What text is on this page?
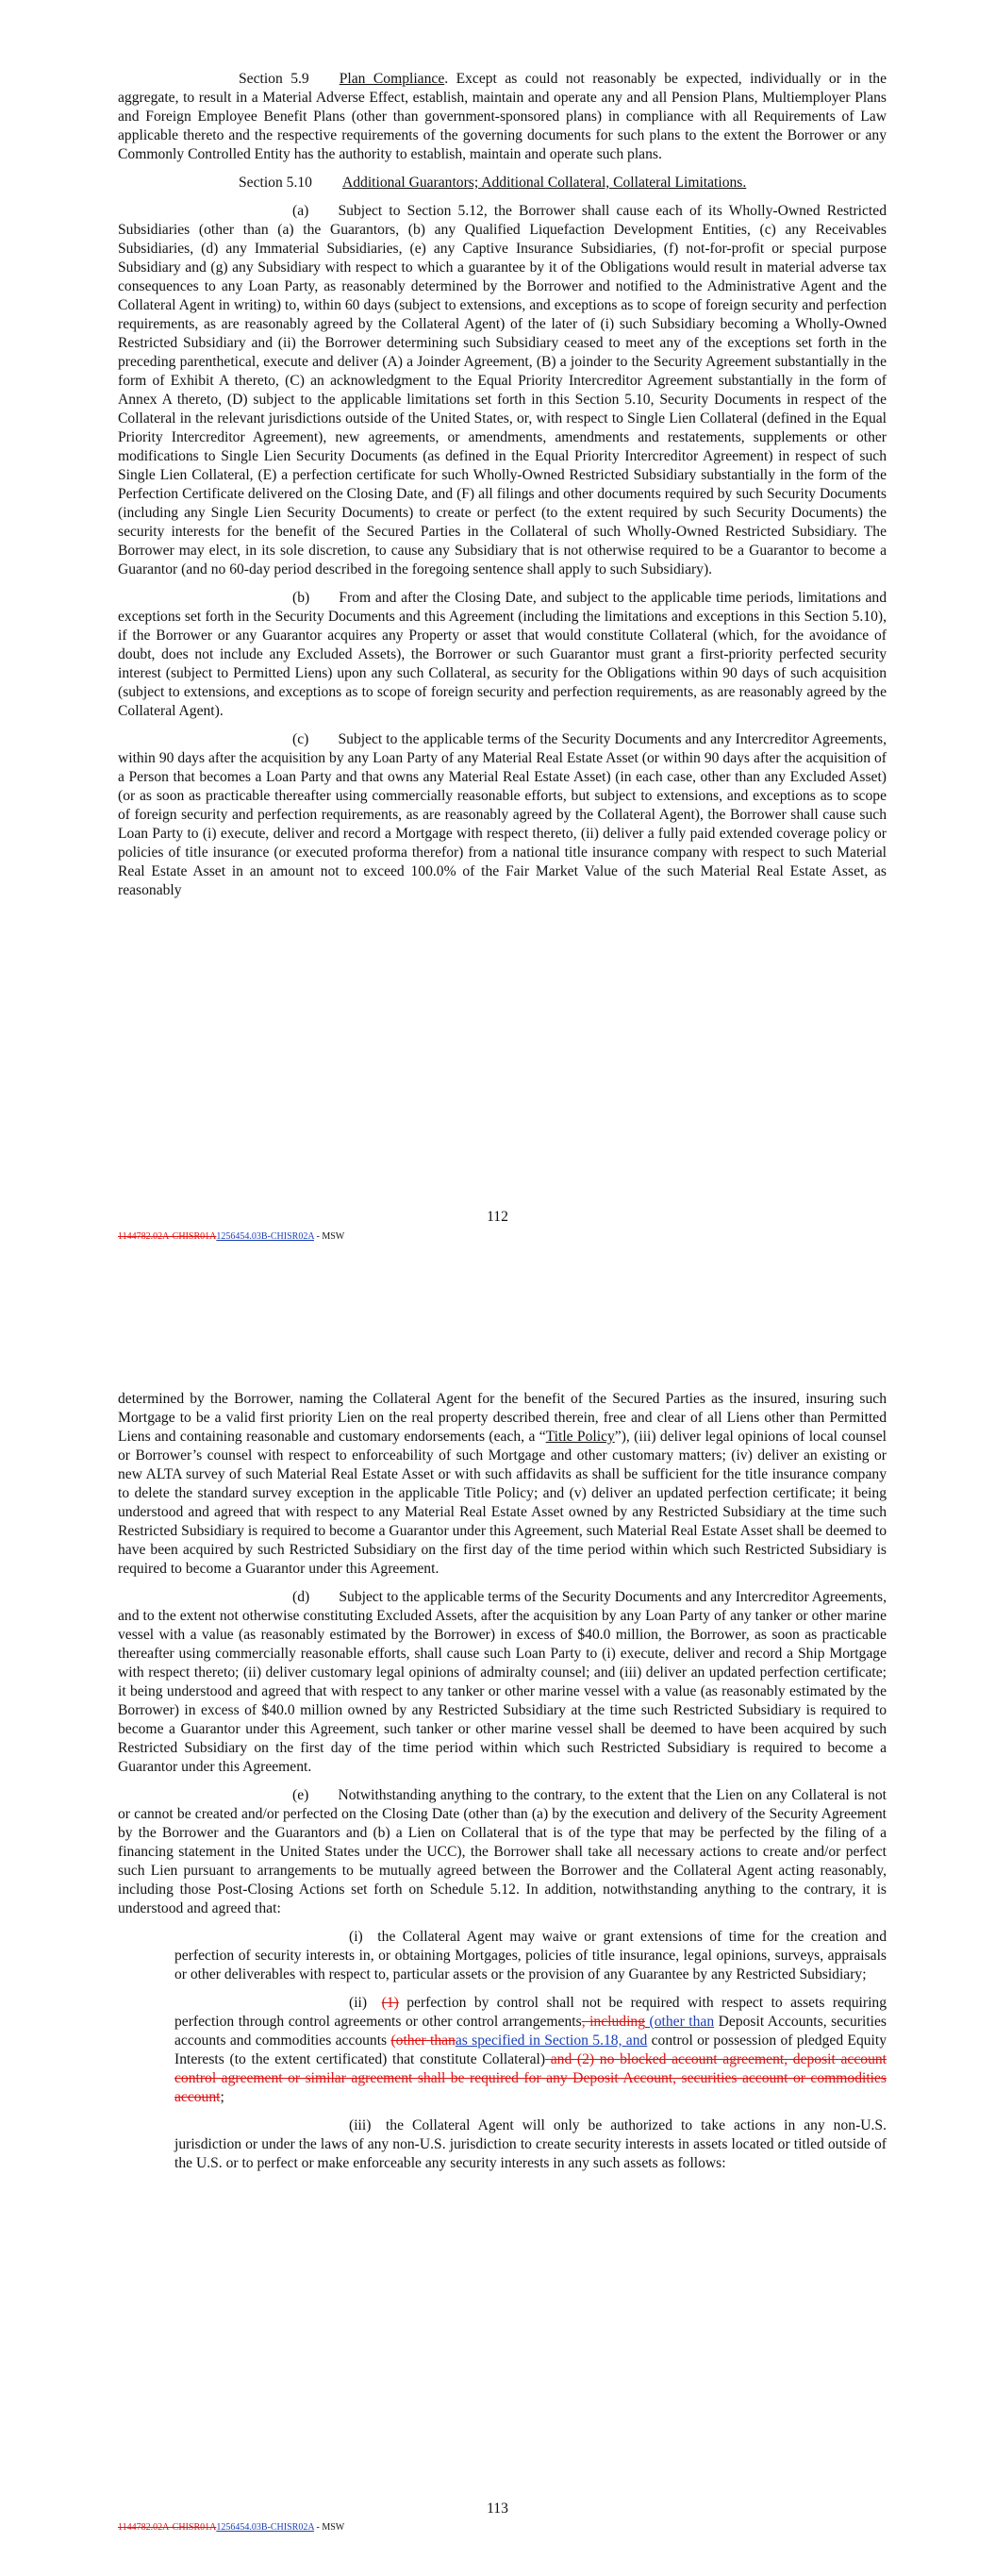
Section 5.9 Plan Compliance. Except as could not reasonably be expected, individually or in the aggregate, to result in a Material Adverse Effect, establish, maintain and operate any and all Pension Plans, Multiemployer Plans and Foreign Employee Benefit Plans (other than government-sponsored plans) in compliance with all Requirements of Law applicable thereto and the respective requirements of the governing documents for such plans to the extent the Borrower or any Commonly Controlled Entity has the authority to establish, maintain and operate such plans.

Section 5.10 Additional Guarantors; Additional Collateral, Collateral Limitations.

(a)  Subject to Section 5.12, the Borrower shall cause each of its Wholly-Owned Restricted Subsidiaries (other than (a) the Guarantors, (b) any Qualified Liquefaction Development Entities, (c) any Receivables Subsidiaries, (d) any Immaterial Subsidiaries, (e) any Captive Insurance Subsidiaries, (f) not-for-profit or special purpose Subsidiary and (g) any Subsidiary with respect to which a guarantee by it of the Obligations would result in material adverse tax consequences to any Loan Party, as reasonably determined by the Borrower and notified to the Administrative Agent and the Collateral Agent in writing) to, within 60 days (subject to extensions, and exceptions as to scope of foreign security and perfection requirements, as are reasonably agreed by the Collateral Agent) of the later of (i) such Subsidiary becoming a Wholly-Owned Restricted Subsidiary and (ii) the Borrower determining such Subsidiary ceased to meet any of the exceptions set forth in the preceding parenthetical, execute and deliver (A) a Joinder Agreement, (B) a joinder to the Security Agreement substantially in the form of Exhibit A thereto, (C) an acknowledgment to the Equal Priority Intercreditor Agreement substantially in the form of Annex A thereto, (D) subject to the applicable limitations set forth in this Section 5.10, Security Documents in respect of the Collateral in the relevant jurisdictions outside of the United States, or, with respect to Single Lien Collateral (defined in the Equal Priority Intercreditor Agreement), new agreements, or amendments, amendments and restatements, supplements or other modifications to Single Lien Security Documents (as defined in the Equal Priority Intercreditor Agreement) in respect of such Single Lien Collateral, (E) a perfection certificate for such Wholly-Owned Restricted Subsidiary substantially in the form of the Perfection Certificate delivered on the Closing Date, and (F) all filings and other documents required by such Security Documents (including any Single Lien Security Documents) to create or perfect (to the extent required by such Security Documents) the security interests for the benefit of the Secured Parties in the Collateral of such Wholly-Owned Restricted Subsidiary. The Borrower may elect, in its sole discretion, to cause any Subsidiary that is not otherwise required to be a Guarantor to become a Guarantor (and no 60-day period described in the foregoing sentence shall apply to such Subsidiary).

(b)  From and after the Closing Date, and subject to the applicable time periods, limitations and exceptions set forth in the Security Documents and this Agreement (including the limitations and exceptions in this Section 5.10), if the Borrower or any Guarantor acquires any Property or asset that would constitute Collateral (which, for the avoidance of doubt, does not include any Excluded Assets), the Borrower or such Guarantor must grant a first-priority perfected security interest (subject to Permitted Liens) upon any such Collateral, as security for the Obligations within 90 days of such acquisition (subject to extensions, and exceptions as to scope of foreign security and perfection requirements, as are reasonably agreed by the Collateral Agent).

(c)  Subject to the applicable terms of the Security Documents and any Intercreditor Agreements, within 90 days after the acquisition by any Loan Party of any Material Real Estate Asset (or within 90 days after the acquisition of a Person that becomes a Loan Party and that owns any Material Real Estate Asset) (in each case, other than any Excluded Asset) (or as soon as practicable thereafter using commercially reasonable efforts, but subject to extensions, and exceptions as to scope of foreign security and perfection requirements, as are reasonably agreed by the Collateral Agent), the Borrower shall cause such Loan Party to (i) execute, deliver and record a Mortgage with respect thereto, (ii) deliver a fully paid extended coverage policy or policies of title insurance (or executed proforma therefor) from a national title insurance company with respect to such Material Real Estate Asset in an amount not to exceed 100.0% of the Fair Market Value of the such Material Real Estate Asset, as reasonably

112
1144782.02A-CHISR01A1256454.03B-CHISR02A - MSW

determined by the Borrower, naming the Collateral Agent for the benefit of the Secured Parties as the insured, insuring such Mortgage to be a valid first priority Lien on the real property described therein, free and clear of all Liens other than Permitted Liens and containing reasonable and customary endorsements (each, a “Title Policy”), (iii) deliver legal opinions of local counsel or Borrower’s counsel with respect to enforceability of such Mortgage and other customary matters; (iv) deliver an existing or new ALTA survey of such Material Real Estate Asset or with such affidavits as shall be sufficient for the title insurance company to delete the standard survey exception in the applicable Title Policy; and (v) deliver an updated perfection certificate; it being understood and agreed that with respect to any Material Real Estate Asset owned by any Restricted Subsidiary at the time such Restricted Subsidiary is required to become a Guarantor under this Agreement, such Material Real Estate Asset shall be deemed to have been acquired by such Restricted Subsidiary on the first day of the time period within which such Restricted Subsidiary is required to become a Guarantor under this Agreement.

(d)  Subject to the applicable terms of the Security Documents and any Intercreditor Agreements, and to the extent not otherwise constituting Excluded Assets, after the acquisition by any Loan Party of any tanker or other marine vessel with a value (as reasonably estimated by the Borrower) in excess of $40.0 million, the Borrower, as soon as practicable thereafter using commercially reasonable efforts, shall cause such Loan Party to (i) execute, deliver and record a Ship Mortgage with respect thereto; (ii) deliver customary legal opinions of admiralty counsel; and (iii) deliver an updated perfection certificate; it being understood and agreed that with respect to any tanker or other marine vessel with a value (as reasonably estimated by the Borrower) in excess of $40.0 million owned by any Restricted Subsidiary at the time such Restricted Subsidiary is required to become a Guarantor under this Agreement, such tanker or other marine vessel shall be deemed to have been acquired by such Restricted Subsidiary on the first day of the time period within which such Restricted Subsidiary is required to become a Guarantor under this Agreement.

(e)  Notwithstanding anything to the contrary, to the extent that the Lien on any Collateral is not or cannot be created and/or perfected on the Closing Date (other than (a) by the execution and delivery of the Security Agreement by the Borrower and the Guarantors and (b) a Lien on Collateral that is of the type that may be perfected by the filing of a financing statement in the United States under the UCC), the Borrower shall take all necessary actions to create and/or perfect such Lien pursuant to arrangements to be mutually agreed between the Borrower and the Collateral Agent acting reasonably, including those Post-Closing Actions set forth on Schedule 5.12. In addition, notwithstanding anything to the contrary, it is understood and agreed that:

(i) the Collateral Agent may waive or grant extensions of time for the creation and perfection of security interests in, or obtaining Mortgages, policies of title insurance, legal opinions, surveys, appraisals or other deliverables with respect to, particular assets or the provision of any Guarantee by any Restricted Subsidiary;

(ii) (1) perfection by control shall not be required with respect to assets requiring perfection through control agreements or other control arrangements, including (other than Deposit Accounts, securities accounts and commodities accounts (other thanas specified in Section 5.18, and control or possession of pledged Equity Interests (to the extent certificated) that constitute Collateral) and (2) no blocked account agreement, deposit account control agreement or similar agreement shall be required for any Deposit Account, securities account or commodities account;

(iii) the Collateral Agent will only be authorized to take actions in any non-U.S. jurisdiction or under the laws of any non-U.S. jurisdiction to create security interests in assets located or titled outside of the U.S. or to perfect or make enforceable any security interests in any such assets as follows:

113
1144782.02A-CHISR01A1256454.03B-CHISR02A - MSW
